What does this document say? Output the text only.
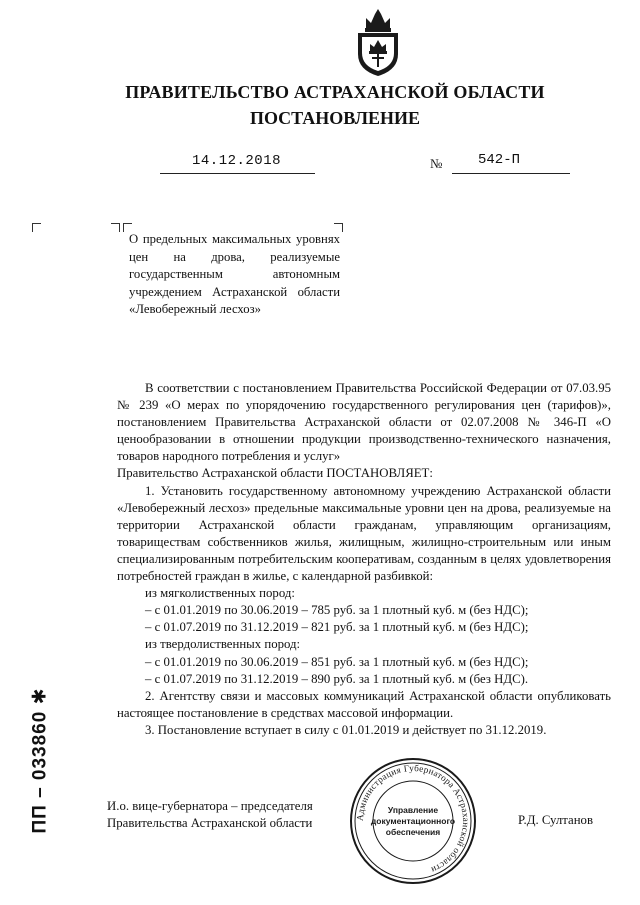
ПРАВИТЕЛЬСТВО АСТРАХАНСКОЙ ОБЛАСТИ
ПОСТАНОВЛЕНИЕ
14.12.2018	№	542-П
О предельных максимальных уровнях цен на дрова, реализуемые государственным автономным учреждением Астраханской области «Левобережный лесхоз»

В соответствии с постановлением Правительства Российской Федерации от 07.03.95 № 239 «О мерах по упорядочению государственного регулирования цен (тарифов)», постановлением Правительства Астраханской области от 02.07.2008 № 346-П «О ценообразовании в отношении продукции производственно-технического назначения, товаров народного потребления и услуг»

Правительство Астраханской области ПОСТАНОВЛЯЕТ:

1. Установить государственному автономному учреждению Астраханской области «Левобережный лесхоз» предельные максимальные уровни цен на дрова, реализуемые на территории Астраханской области гражданам, управляющим организациям, товариществам собственников жилья, жилищным, жилищно-строительным или иным специализированным потребительским кооперативам, созданным в целях удовлетворения потребностей граждан в жилье, с календарной разбивкой:

из мягколиственных пород:

– с 01.01.2019 по 30.06.2019 – 785 руб. за 1 плотный куб. м (без НДС);

– с 01.07.2019 по 31.12.2019 – 821 руб. за 1 плотный куб. м (без НДС);

из твердолиственных пород:

– с 01.01.2019 по 30.06.2019 – 851 руб. за 1 плотный куб. м (без НДС);

– с 01.07.2019 по 31.12.2019 – 890 руб. за 1 плотный куб. м (без НДС).

2. Агентству связи и массовых коммуникаций Астраханской области опубликовать настоящее постановление в средствах массовой информации.

3. Постановление вступает в силу с 01.01.2019 и действует по 31.12.2019.

И.о. вице-губернатора – председателя
Правительства Астраханской области	Р.Д. Султанов
Администрация Губернатора Астраханской области
Управление
документационного
обеспечения
ПП – 033860 ✱
